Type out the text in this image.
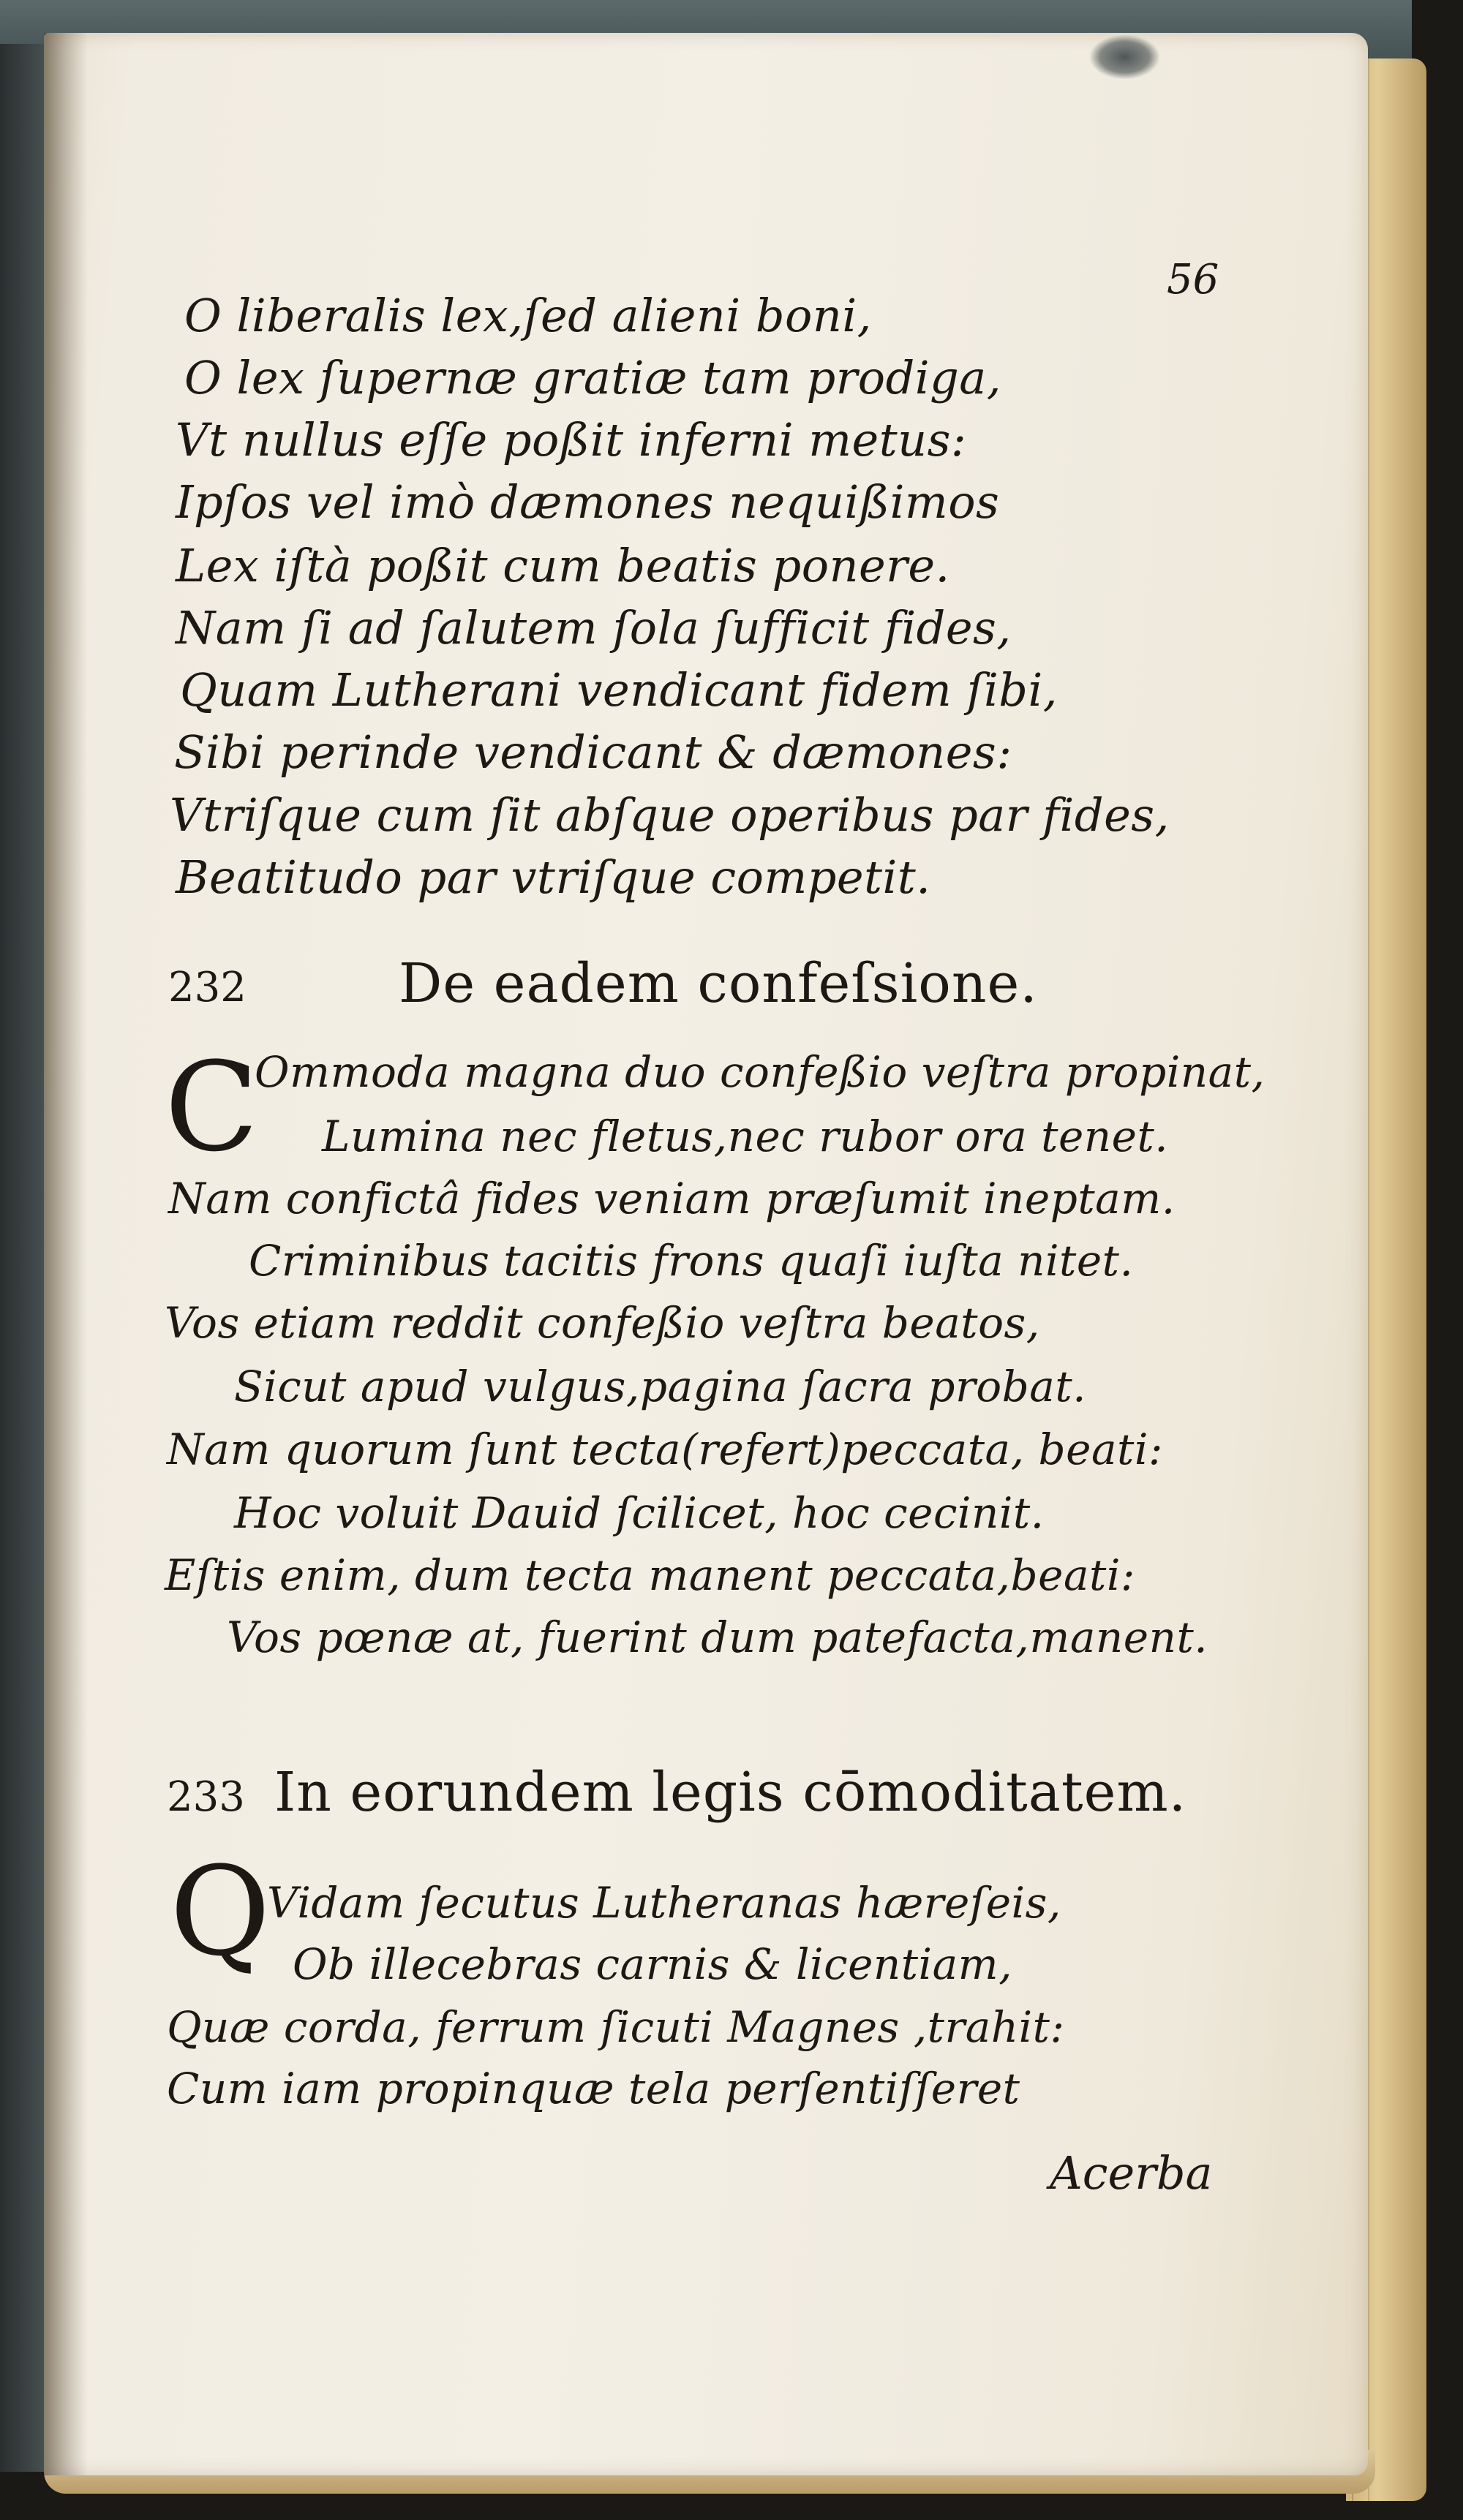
56
O liberalis lex,ſed alieni boni,
O lex ſupernæ gratiæ tam prodiga,
Vt nullus eſſe poßit inferni metus:
Ipſos vel imò dæmones nequißimos
Lex iſtà poßit cum beatis ponere.
Nam ſi ad ſalutem ſola ſufficit fides,
Quam Lutherani vendicant fidem ſibi,
Sibi perinde vendicant & dæmones:
Vtriſque cum ſit abſque operibus par fides,
Beatitudo par vtriſque competit.
232	De eadem confeſsione.
C
Ommoda magna duo confeßio veſtra propinat,
Lumina nec fletus,nec rubor ora tenet.
Nam confictâ fides veniam præſumit ineptam.
Criminibus tacitis frons quaſi iuſta nitet.
Vos etiam reddit confeßio veſtra beatos,
Sicut apud vulgus,pagina ſacra probat.
Nam quorum ſunt tecta(refert)peccata, beati:
Hoc voluit Dauid ſcilicet, hoc cecinit.
Eſtis enim, dum tecta manent peccata,beati:
Vos pœnæ at, fuerint dum patefacta,manent.
233 In eorundem legis cōmoditatem.
Q
Vidam ſecutus Lutheranas hæreſeis,
Ob illecebras carnis & licentiam,
Quæ corda, ferrum ſicuti Magnes ,trahit:
Cum iam propinquæ tela perſentiſſeret
Acerba
